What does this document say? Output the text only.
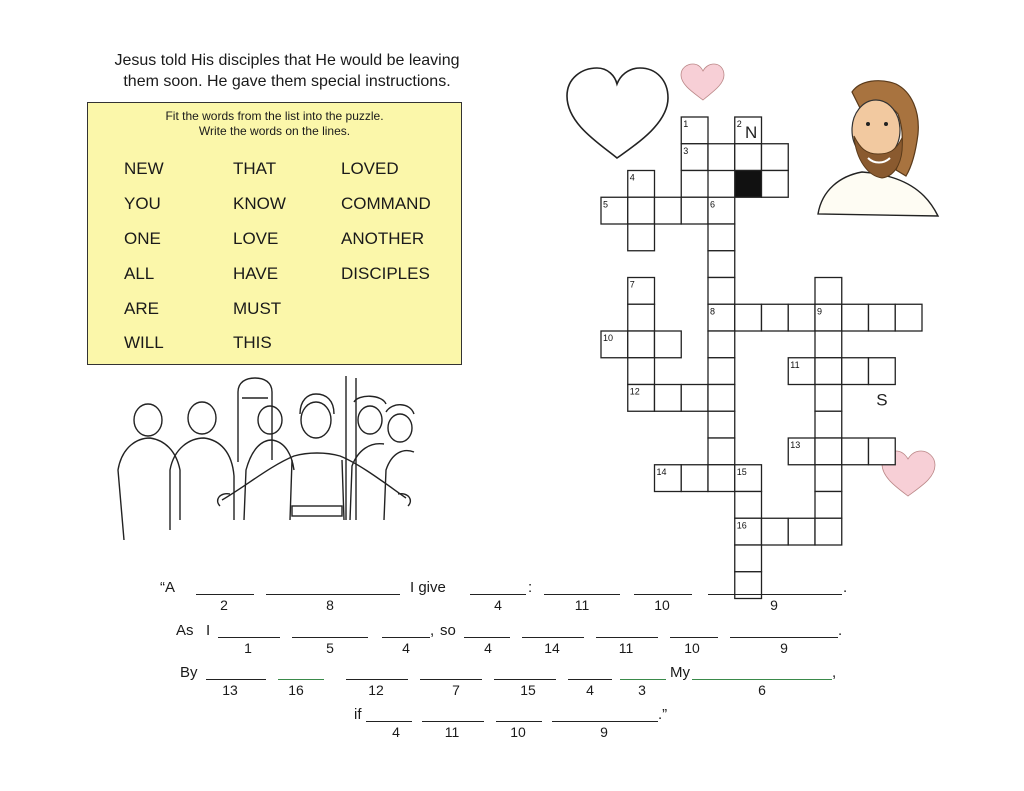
Jesus told His disciples that He would be leaving
them soon. He gave them special instructions.
Fit the words from the list into the puzzle.
Write the words on the lines.
NEW
YOU
ONE
ALL
ARE
WILL
THAT
KNOW
LOVE
HAVE
MUST
THIS
LOVED
COMMAND
ANOTHER
DISCIPLES
1	2
3
4
5	6
7
8	9
10
11
12
13
14	15
16
N
S
“A	I give	:	.
2	8	4	11	10	9
As I	, so	.
1	5	4	4	14	11	10	9
By	My	,
13	16	12	7	15	4	3	6
if	.”
4	11	10	9
